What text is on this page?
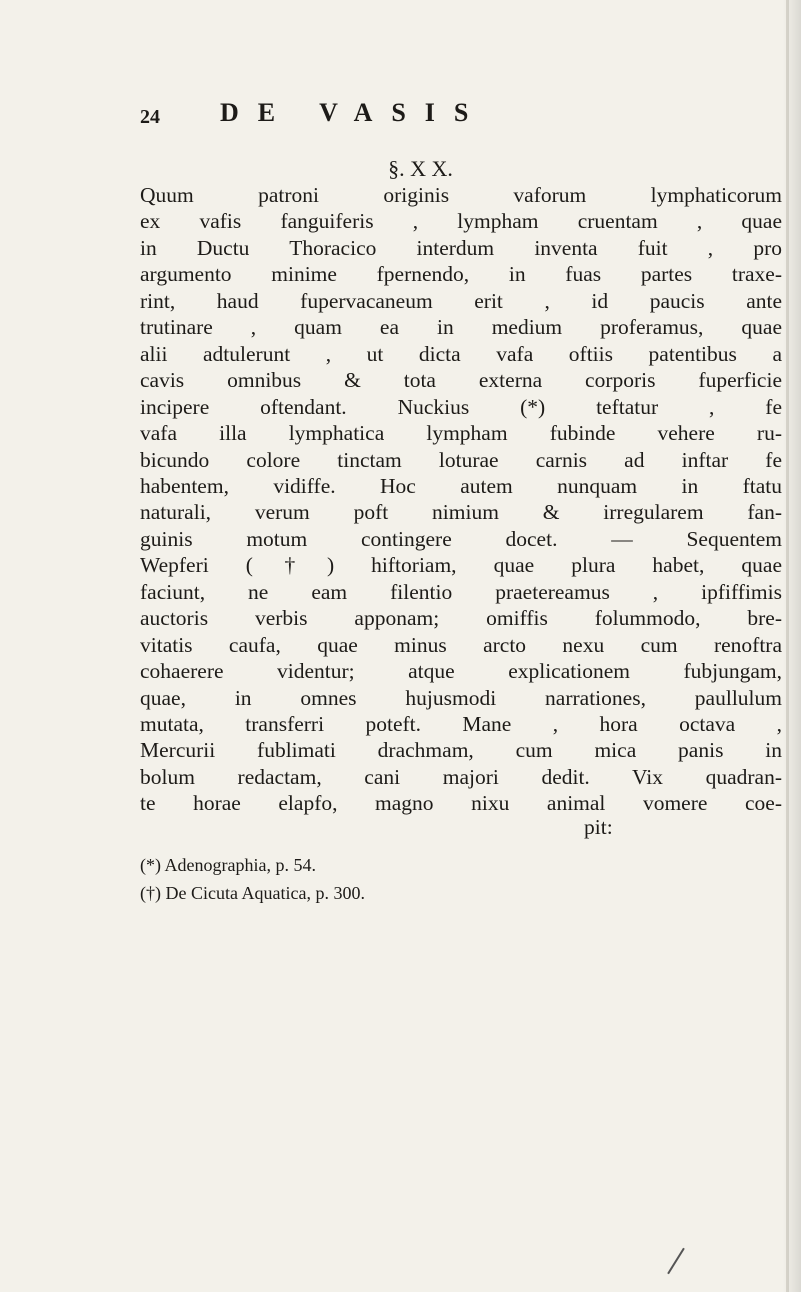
24 DE VASIS
§. X X.
Quum patroni originis vaforum lymphaticorum
ex vafis fanguiferis , lympham cruentam , quae
in Ductu Thoracico interdum inventa fuit , pro
argumento minime fpernendo, in fuas partes traxe-
rint, haud fupervacaneum erit , id paucis ante
trutinare , quam ea in medium proferamus, quae
alii adtulerunt , ut dicta vafa oftiis patentibus a
cavis omnibus & tota externa corporis fuperficie
incipere oftendant. Nuckius (*) teftatur , fe
vafa illa lymphatica lympham fubinde vehere ru-
bicundo colore tinctam loturae carnis ad inftar fe
habentem, vidiffe. Hoc autem nunquam in ftatu
naturali, verum poft nimium & irregularem fan-
guinis motum contingere docet. — Sequentem
Wepferi (†) hiftoriam, quae plura habet, quae
faciunt, ne eam filentio praetereamus , ipfiffimis
auctoris verbis apponam; omiffis folummodo, bre-
vitatis caufa, quae minus arcto nexu cum renoftra
cohaerere videntur; atque explicationem fubjungam,
quae, in omnes hujusmodi narrationes, paullulum
mutata, transferri poteft. Mane , hora octava ,
Mercurii fublimati drachmam, cum mica panis in
bolum redactam, cani majori dedit. Vix quadran-
te horae elapfo, magno nixu animal vomere coe-
pit:
(*) Adenographia, p. 54.
(†) De Cicuta Aquatica, p. 300.
